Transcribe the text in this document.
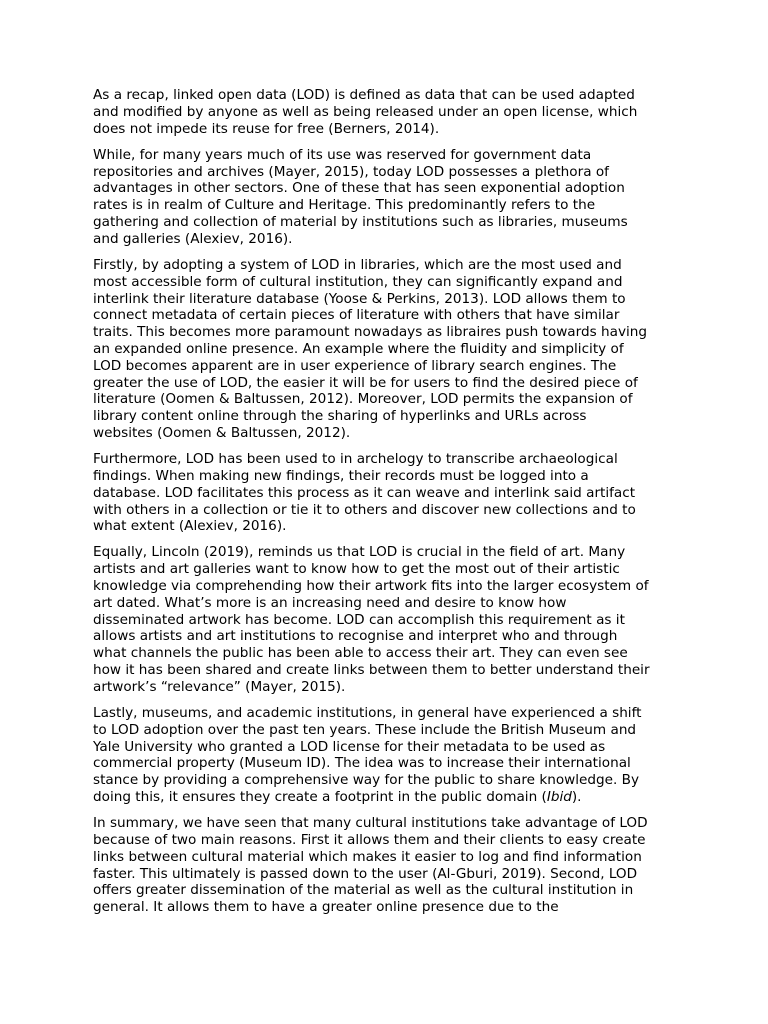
As a recap, linked open data (LOD) is defined as data that can be used adapted
and modified by anyone as well as being released under an open license, which
does not impede its reuse for free (Berners, 2014).

While, for many years much of its use was reserved for government data
repositories and archives (Mayer, 2015), today LOD possesses a plethora of
advantages in other sectors. One of these that has seen exponential adoption
rates is in realm of Culture and Heritage. This predominantly refers to the
gathering and collection of material by institutions such as libraries, museums
and galleries (Alexiev, 2016).

Firstly, by adopting a system of LOD in libraries, which are the most used and
most accessible form of cultural institution, they can significantly expand and
interlink their literature database (Yoose & Perkins, 2013). LOD allows them to
connect metadata of certain pieces of literature with others that have similar
traits. This becomes more paramount nowadays as libraires push towards having
an expanded online presence. An example where the fluidity and simplicity of
LOD becomes apparent are in user experience of library search engines. The
greater the use of LOD, the easier it will be for users to find the desired piece of
literature (Oomen & Baltussen, 2012). Moreover, LOD permits the expansion of
library content online through the sharing of hyperlinks and URLs across
websites (Oomen & Baltussen, 2012).

Furthermore, LOD has been used to in archelogy to transcribe archaeological
findings. When making new findings, their records must be logged into a
database. LOD facilitates this process as it can weave and interlink said artifact
with others in a collection or tie it to others and discover new collections and to
what extent (Alexiev, 2016).

Equally, Lincoln (2019), reminds us that LOD is crucial in the field of art. Many
artists and art galleries want to know how to get the most out of their artistic
knowledge via comprehending how their artwork fits into the larger ecosystem of
art dated. What’s more is an increasing need and desire to know how
disseminated artwork has become. LOD can accomplish this requirement as it
allows artists and art institutions to recognise and interpret who and through
what channels the public has been able to access their art. They can even see
how it has been shared and create links between them to better understand their
artwork’s “relevance” (Mayer, 2015).

Lastly, museums, and academic institutions, in general have experienced a shift
to LOD adoption over the past ten years. These include the British Museum and
Yale University who granted a LOD license for their metadata to be used as
commercial property (Museum ID). The idea was to increase their international
stance by providing a comprehensive way for the public to share knowledge. By
doing this, it ensures they create a footprint in the public domain (Ibid).

In summary, we have seen that many cultural institutions take advantage of LOD
because of two main reasons. First it allows them and their clients to easy create
links between cultural material which makes it easier to log and find information
faster. This ultimately is passed down to the user (Al-Gburi, 2019). Second, LOD
offers greater dissemination of the material as well as the cultural institution in
general. It allows them to have a greater online presence due to the
